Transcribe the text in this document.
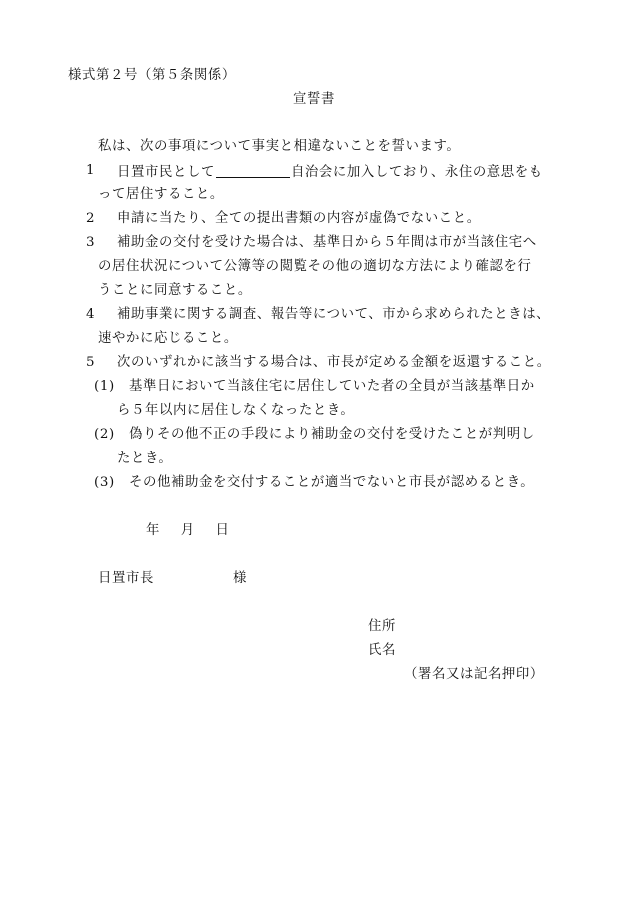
様式第２号（第５条関係）
宣誓書
私は、次の事項について事実と相違ないことを誓います。
1 日置市民として	自治会に加入しており、永住の意思をも
って居住すること。
2 申請に当たり、全ての提出書類の内容が虚偽でないこと。
3 補助金の交付を受けた場合は、基準日から５年間は市が当該住宅へ
の居住状況について公簿等の閲覧その他の適切な方法により確認を行
うことに同意すること。
4 補助事業に関する調査、報告等について、市から求められたときは、
速やかに応じること。
5 次のいずれかに該当する場合は、市長が定める金額を返還すること。
(1) 基準日において当該住宅に居住していた者の全員が当該基準日か
ら５年以内に居住しなくなったとき。
(2) 偽りその他不正の手段により補助金の交付を受けたことが判明し
たとき。
(3) その他補助金を交付することが適当でないと市長が認めるとき。
年　月　日
日置市長	様
住所
氏名
（署名又は記名押印）
